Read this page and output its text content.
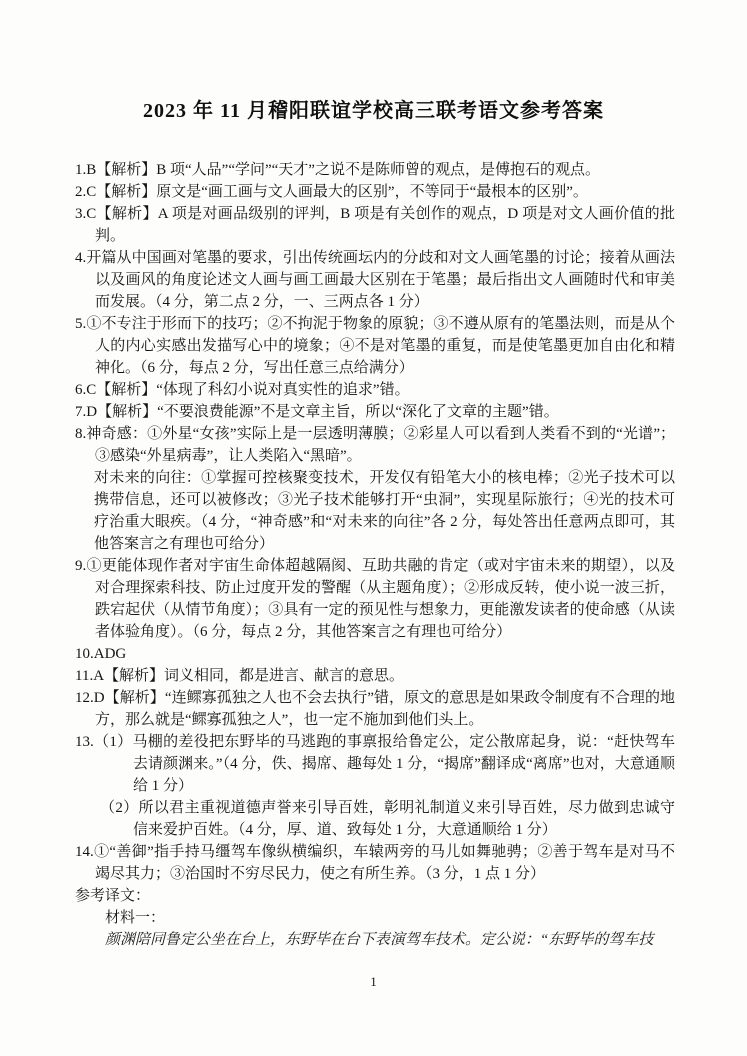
2023 年 11 月稽阳联谊学校高三联考语文参考答案

1.B【解析】B 项“人品”“学问”“天才”之说不是陈师曾的观点，是傅抱石的观点。

2.C【解析】原文是“画工画与文人画最大的区别”，不等同于“最根本的区别”。

3.C【解析】A 项是对画品级别的评判，B 项是有关创作的观点，D 项是对文人画价值的批判。

4.开篇从中国画对笔墨的要求，引出传统画坛内的分歧和对文人画笔墨的讨论；接着从画法以及画风的角度论述文人画与画工画最大区别在于笔墨；最后指出文人画随时代和审美而发展。（4 分，第二点 2 分，一、三两点各 1 分）

5.①不专注于形而下的技巧；②不拘泥于物象的原貌；③不遵从原有的笔墨法则，而是从个人的内心实感出发描写心中的境象；④不是对笔墨的重复，而是使笔墨更加自由化和精神化。（6 分，每点 2 分，写出任意三点给满分）

6.C【解析】“体现了科幻小说对真实性的追求”错。

7.D【解析】“不要浪费能源”不是文章主旨，所以“深化了文章的主题”错。

8.神奇感：①外星“女孩”实际上是一层透明薄膜；②彩星人可以看到人类看不到的“光谱”；③感染“外星病毒”，让人类陷入“黑暗”。

对未来的向往：①掌握可控核聚变技术，开发仅有铅笔大小的核电棒；②光子技术可以携带信息，还可以被修改；③光子技术能够打开“虫洞”，实现星际旅行；④光的技术可疗治重大眼疾。（4 分，“神奇感”和“对未来的向往”各 2 分，每处答出任意两点即可，其他答案言之有理也可给分）

9.①更能体现作者对宇宙生命体超越隔阂、互助共融的肯定（或对宇宙未来的期望），以及对合理探索科技、防止过度开发的警醒（从主题角度）；②形成反转，使小说一波三折，跌宕起伏（从情节角度）；③具有一定的预见性与想象力，更能激发读者的使命感（从读者体验角度）。（6 分，每点 2 分，其他答案言之有理也可给分）

10.ADG

11.A【解析】词义相同，都是进言、献言的意思。

12.D【解析】“连鳏寡孤独之人也不会去执行”错，原文的意思是如果政令制度有不合理的地方，那么就是“鳏寡孤独之人”，也一定不施加到他们头上。

13.（1）马棚的差役把东野毕的马逃跑的事禀报给鲁定公，定公散席起身，说：“赶快驾车去请颜渊来。”（4 分，佚、揭席、趣每处 1 分，“揭席”翻译成“离席”也对，大意通顺给 1 分）

（2）所以君主重视道德声誉来引导百姓，彰明礼制道义来引导百姓，尽力做到忠诚守信来爱护百姓。（4 分，厚、道、致每处 1 分，大意通顺给 1 分）

14.①“善御”指手持马缰驾车像纵横编织，车辕两旁的马儿如舞驰骋；②善于驾车是对马不竭尽其力；③治国时不穷尽民力，使之有所生养。（3 分，1 点 1 分）

参考译文：

材料一：

颜渊陪同鲁定公坐在台上，东野毕在台下表演驾车技术。定公说：“东野毕的驾车技

1
